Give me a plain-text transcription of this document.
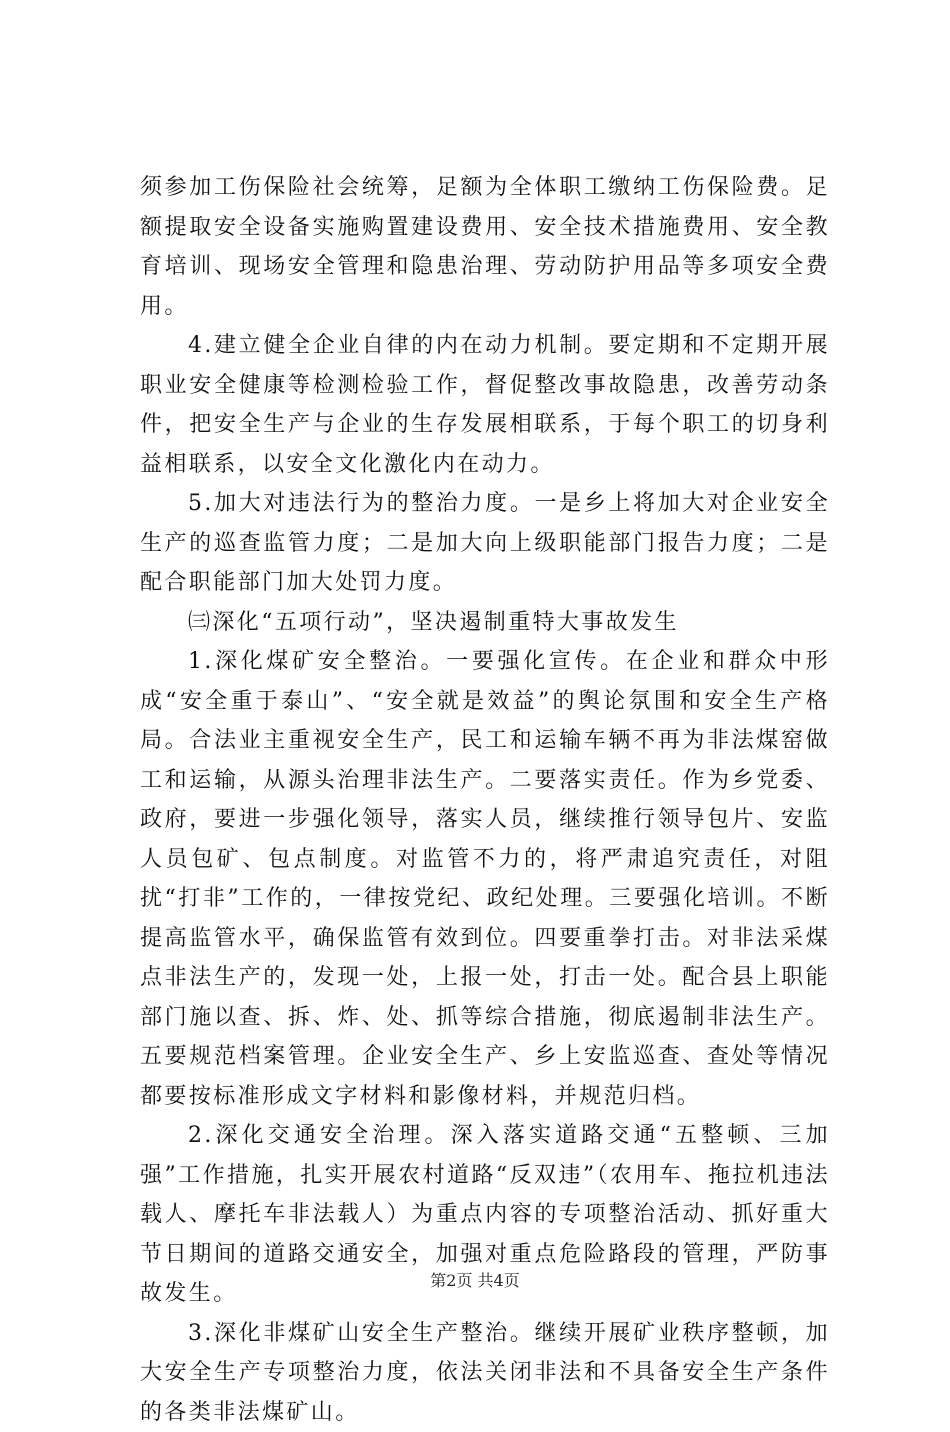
须参加工伤保险社会统筹，足额为全体职工缴纳工伤保险费。足额提取安全设备实施购置建设费用、安全技术措施费用、安全教育培训、现场安全管理和隐患治理、劳动防护用品等多项安全费用。

4.建立健全企业自律的内在动力机制。要定期和不定期开展职业安全健康等检测检验工作，督促整改事故隐患，改善劳动条件，把安全生产与企业的生存发展相联系，于每个职工的切身利益相联系，以安全文化激化内在动力。

5.加大对违法行为的整治力度。一是乡上将加大对企业安全生产的巡查监管力度；二是加大向上级职能部门报告力度；二是配合职能部门加大处罚力度。

㈢深化“五项行动”，坚决遏制重特大事故发生

1.深化煤矿安全整治。一要强化宣传。在企业和群众中形成“安全重于泰山”、“安全就是效益”的舆论氛围和安全生产格局。合法业主重视安全生产，民工和运输车辆不再为非法煤窑做工和运输，从源头治理非法生产。二要落实责任。作为乡党委、政府，要进一步强化领导，落实人员，继续推行领导包片、安监人员包矿、包点制度。对监管不力的，将严肃追究责任，对阻扰“打非”工作的，一律按党纪、政纪处理。三要强化培训。不断提高监管水平，确保监管有效到位。四要重拳打击。对非法采煤点非法生产的，发现一处，上报一处，打击一处。配合县上职能部门施以查、拆、炸、处、抓等综合措施，彻底遏制非法生产。五要规范档案管理。企业安全生产、乡上安监巡查、查处等情况都要按标准形成文字材料和影像材料，并规范归档。

2.深化交通安全治理。深入落实道路交通“五整顿、三加强”工作措施，扎实开展农村道路“反双违”（农用车、拖拉机违法载人、摩托车非法载人）为重点内容的专项整治活动、抓好重大节日期间的道路交通安全，加强对重点危险路段的管理，严防事故发生。

3.深化非煤矿山安全生产整治。继续开展矿业秩序整顿，加大安全生产专项整治力度，依法关闭非法和不具备安全生产条件的各类非法煤矿山。

第2页 共4页
